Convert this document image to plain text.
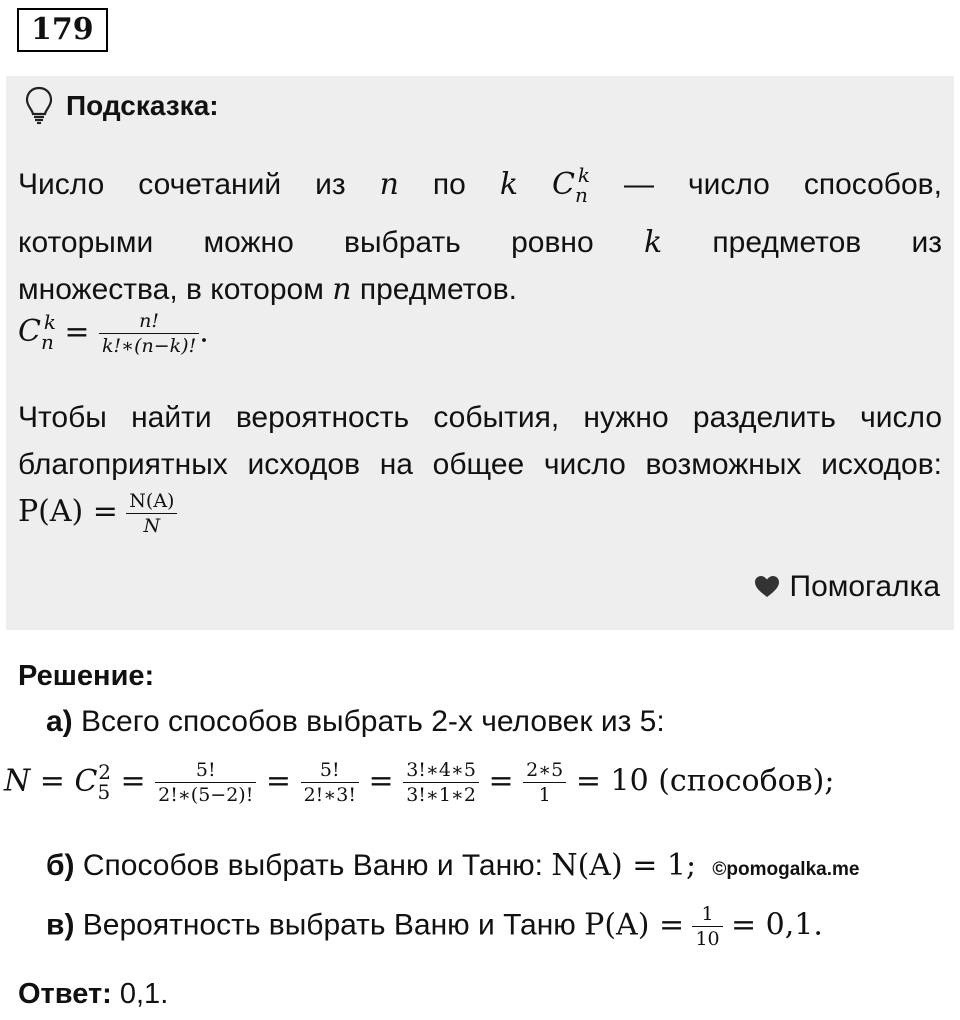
179
Подсказка:
Число сочетаний из n по k $C_n^k$ — число способов,
которыми можно выбрать ровно k предметов из
множества, в котором n предметов.
$C_n^k = \frac{n!}{k!∗(n-k)!}$ .
Чтобы найти вероятность события, нужно разделить число благоприятных исходов на общее число возможных исходов: $P(A) = \frac{N(A)}{N}$
Помогалка
Решение:
а) Всего способов выбрать 2-х человек из 5:
$N = C_5^2 = \frac{5!}{2!∗(5-2)!} = \frac{5!}{2!∗3!} = \frac{3!∗4∗5}{3!∗1∗2} = \frac{2∗5}{1} = 10$ (способов);
б) Способов выбрать Ваню и Таню: N(A) = 1; ©pomogalka.me
в) Вероятность выбрать Ваню и Таню $P(A) = \frac{1}{10} = 0,1$.
Ответ: 0,1.
